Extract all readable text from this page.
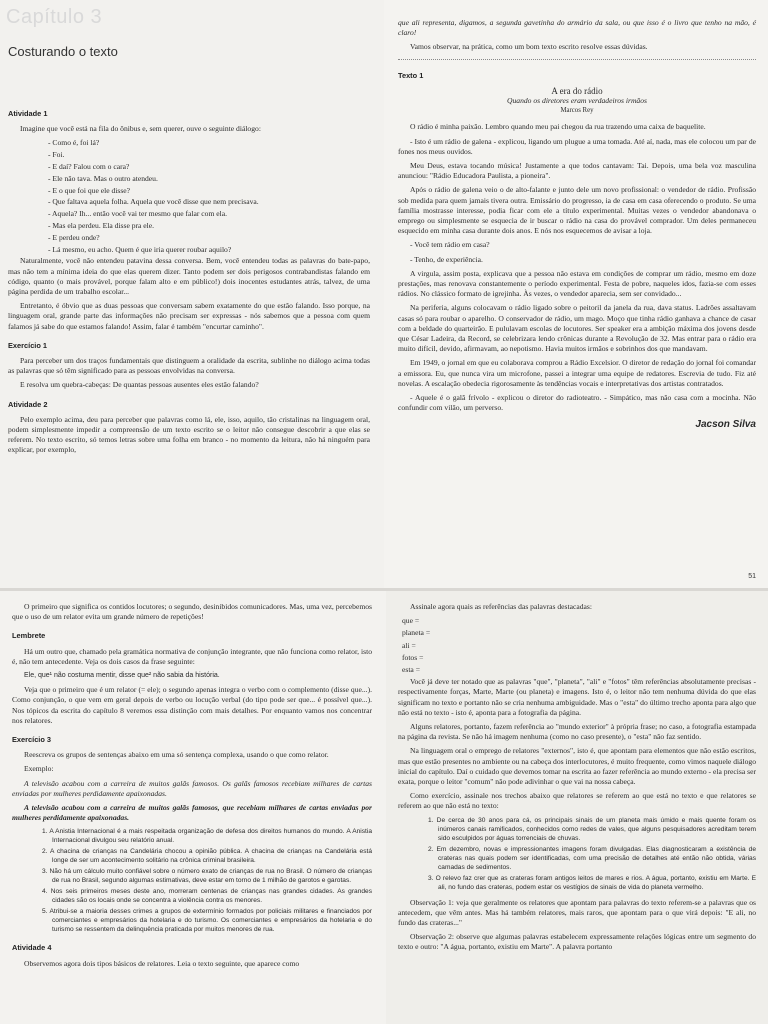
Capítulo 3
Costurando o texto
Atividade 1
Imagine que você está na fila do ônibus e, sem querer, ouve o seguinte diálogo:
- Como é, foi lá?
- Foi.
- E daí? Falou com o cara?
- Ele não tava. Mas o outro atendeu.
- E o que foi que ele disse?
- Que faltava aquela folha. Aquela que você disse que nem precisava.
- Aquela? Ih... então você vai ter mesmo que falar com ela.
- Mas ela perdeu. Ela disse pra ele.
- E perdeu onde?
- Lá mesmo, eu acho. Quem é que iria querer roubar aquilo?
Naturalmente, você não entendeu patavina dessa conversa. Bem, você entendeu todas as palavras do bate-papo, mas não tem a mínima ideia do que elas querem dizer. Tanto podem ser dois perigosos contrabandistas falando em código, quanto (o mais provável, porque falam alto e em público!) dois inocentes estudantes atrás, talvez, de uma página perdida de um trabalho escolar...
Entretanto, é óbvio que as duas pessoas que conversam sabem exatamente do que estão falando. Isso porque, na linguagem oral, grande parte das informações não precisam ser expressas - nós sabemos que a pessoa com quem falamos já sabe do que estamos falando! Assim, falar é também "encurtar caminho".
Exercício 1
Para perceber um dos traços fundamentais que distinguem a oralidade da escrita, sublinhe no diálogo acima todas as palavras que só têm significado para as pessoas envolvidas na conversa.
E resolva um quebra-cabeças: De quantas pessoas ausentes eles estão falando?
Atividade 2
Pelo exemplo acima, deu para perceber que palavras como lá, ele, isso, aquilo, tão cristalinas na linguagem oral, podem simplesmente impedir a compreensão de um texto escrito se o leitor não consegue descobrir a que elas se referem. No texto escrito, só temos letras sobre uma folha em branco - no momento da leitura, não há ninguém para explicar, por exemplo,
que ali representa, digamos, a segunda gavetinha do armário da sala, ou que isso é o livro que tenho na mão, é claro!
Vamos observar, na prática, como um bom texto escrito resolve essas dúvidas.
Texto 1
A era do rádio
Quando os diretores eram verdadeiros irmãos
Marcos Rey
O rádio é minha paixão. Lembro quando meu pai chegou da rua trazendo uma caixa de baquelite.
- Isto é um rádio de galena - explicou, ligando um plugue a uma tomada. Até aí, nada, mas ele colocou um par de fones nos meus ouvidos.
Meu Deus, estava tocando música! Justamente a que todos cantavam: Tai. Depois, uma bela voz masculina anunciou: "Rádio Educadora Paulista, a pioneira".
Após o rádio de galena veio o de alto-falante e junto dele um novo profissional: o vendedor de rádio. Profissão sob medida para quem jamais tivera outra. Emissário do progresso, ia de casa em casa oferecendo o produto. Se uma família mostrasse interesse, podia ficar com ele a título experimental. Muitas vezes o vendedor abandonava o emprego ou simplesmente se esquecia de ir buscar o rádio na casa do provável comprador. Um deles permaneceu esquecido em minha casa durante dois anos. E nós nos esquecemos de avisar a loja.
- Você tem rádio em casa?
- Tenho, de experiência.
A virgula, assim posta, explicava que a pessoa não estava em condições de comprar um rádio, mesmo em doze prestações, mas renovava constantemente o período experimental. Festa de pobre, naqueles idos, fazia-se com esses rádios. No clássico formato de igrejinha. Às vezes, o vendedor aparecia, sem ser convidado...
Na periferia, alguns colocavam o rádio ligado sobre o peitoril da janela da rua, dava status. Ladrões assaltavam casas só para roubar o aparelho. O conservador de rádio, um mago. Moço que tinha rádio ganhava a chance de casar com a beldade do quarteirão. E pululavam escolas de locutores. Ser speaker era a ambição máxima dos jovens desde que César Ladeira, da Record, se celebrizara lendo crônicas durante a Revolução de 32. Mas entrar para o rádio era muito difícil, devido, afirmavam, ao nepotismo. Havia muitos irmãos e sobrinhos dos que mandavam.
Em 1949, o jornal em que eu colaborava comprou a Rádio Excelsior. O diretor de redação do jornal foi comandar a emissora. Eu, que nunca vira um microfone, passei a integrar uma equipe de redatores. Escrevia de tudo. Fiz até novelas. A escalação obedecia rigorosamente às tendências vocais e interpretativas dos artistas contratados.
- Aquele é o galã frívolo - explicou o diretor do radioteatro. - Simpático, mas não casa com a mocinha. Não confundir com vilão, um perverso.
Jacson Silva
51
O primeiro que significa os contidos locutores; o segundo, desinibidos comunicadores. Mas, uma vez, percebemos que o uso de um relator evita um grande número de repetições!
Lembrete
Há um outro que, chamado pela gramática normativa de conjunção integrante, que não funciona como relator, isto é, não tem antecedente. Veja os dois casos da frase seguinte:
Ele, que¹ não costuma mentir, disse que² não sabia da história.
Veja que o primeiro que é um relator (= ele); o segundo apenas integra o verbo com o complemento (disse que...). Como conjunção, o que vem em geral depois de verbo ou locução verbal (do tipo pode ser que... é possível que...). Nos tópicos da escrita do capítulo 8 veremos essa distinção com mais detalhes. Por enquanto vamos nos concentrar nos relatores.
Exercício 3
Reescreva os grupos de sentenças abaixo em uma só sentença complexa, usando o que como relator.
Exemplo:
A televisão acabou com a carreira de muitos galãs famosos. Os galãs famosos recebiam milhares de cartas enviadas por mulheres perdidamente apaixonadas.
A televisão acabou com a carreira de muitos galãs famosos, que recebiam milhares de cartas enviadas por mulheres perdidamente apaixonadas.
1. A Anistia Internacional é a mais respeitada organização de defesa dos direitos humanos do mundo. A Anistia Internacional divulgou seu relatório anual.
2. A chacina de crianças na Candelária chocou a opinião pública. A chacina de crianças na Candelária está longe de ser um acontecimento solitário na crônica criminal brasileira.
3. Não há um cálculo muito confiável sobre o número exato de crianças de rua no Brasil. O número de crianças de rua no Brasil, segundo algumas estimativas, deve estar em torno de 1 milhão de garotos e garotas.
4. Nos seis primeiros meses deste ano, morreram centenas de crianças nas grandes cidades. As grandes cidades são os locais onde se concentra a violência contra os menores.
5. Atribui-se a maioria desses crimes a grupos de extermínio formados por policiais militares e financiados por comerciantes e empresários da hotelaria e do turismo. Os comerciantes e empresários da hotelaria e do turismo se ressentem da delinquência praticada por muitos menores de rua.
Atividade 4
Observemos agora dois tipos básicos de relatores. Leia o texto seguinte, que aparece como
Assinale agora quais as referências das palavras destacadas:
que =
planeta =
ali =
fotos =
esta =
Você já deve ter notado que as palavras "que", "planeta", "ali" e "fotos" têm referências absolutamente precisas - respectivamente forças, Marte, Marte (ou planeta) e imagens. Isto é, o leitor não tem nenhuma dúvida do que elas significam no texto e portanto não se cria nenhuma ambiguidade. Mas o "esta" do último trecho aponta para algo que não está no texto - isto é, aponta para a fotografia da página.
Alguns relatores, portanto, fazem referência ao "mundo exterior" à própria frase; no caso, a fotografia estampada na página da revista. Se não há imagem nenhuma (como no caso presente), o "esta" não faz sentido.
Na linguagem oral o emprego de relatores "externos", isto é, que apontam para elementos que não estão escritos, mas que estão presentes no ambiente ou na cabeça dos interlocutores, é muito frequente, como vimos naquele diálogo inicial do capítulo. Daí o cuidado que devemos tomar na escrita ao fazer referência ao mundo externo - ela precisa ser exata, porque o leitor "comum" não pode adivinhar o que vai na nossa cabeça.
Como exercício, assinale nos trechos abaixo que relatores se referem ao que está no texto e que relatores se referem ao que não está no texto:
1. De cerca de 30 anos para cá, os principais sinais de um planeta mais úmido e mais quente foram os inúmeros canais ramificados, conhecidos como redes de vales, que alguns pesquisadores acreditam terem sido esculpidos por águas torrenciais de chuvas.
2. Em dezembro, novas e impressionantes imagens foram divulgadas. Elas diagnosticaram a existência de crateras nas quais podem ser identificadas, com uma precisão de detalhes até então não obtida, várias camadas de sedimentos.
3. O relevo faz crer que as crateras foram antigos leitos de mares e rios. A água, portanto, existiu em Marte. E ali, no fundo das crateras, podem estar os vestígios de sinais de vida do planeta vermelho.
Observação 1: veja que geralmente os relatores que apontam para palavras do texto referem-se a palavras que os antecedem, que vêm antes. Mas há também relatores, mais raros, que apontam para o que virá depois: "E ali, no fundo das crateras..."
Observação 2: observe que algumas palavras estabelecem expressamente relações lógicas entre um segmento do texto e outro: "A água, portanto, existiu em Marte". A palavra portanto
